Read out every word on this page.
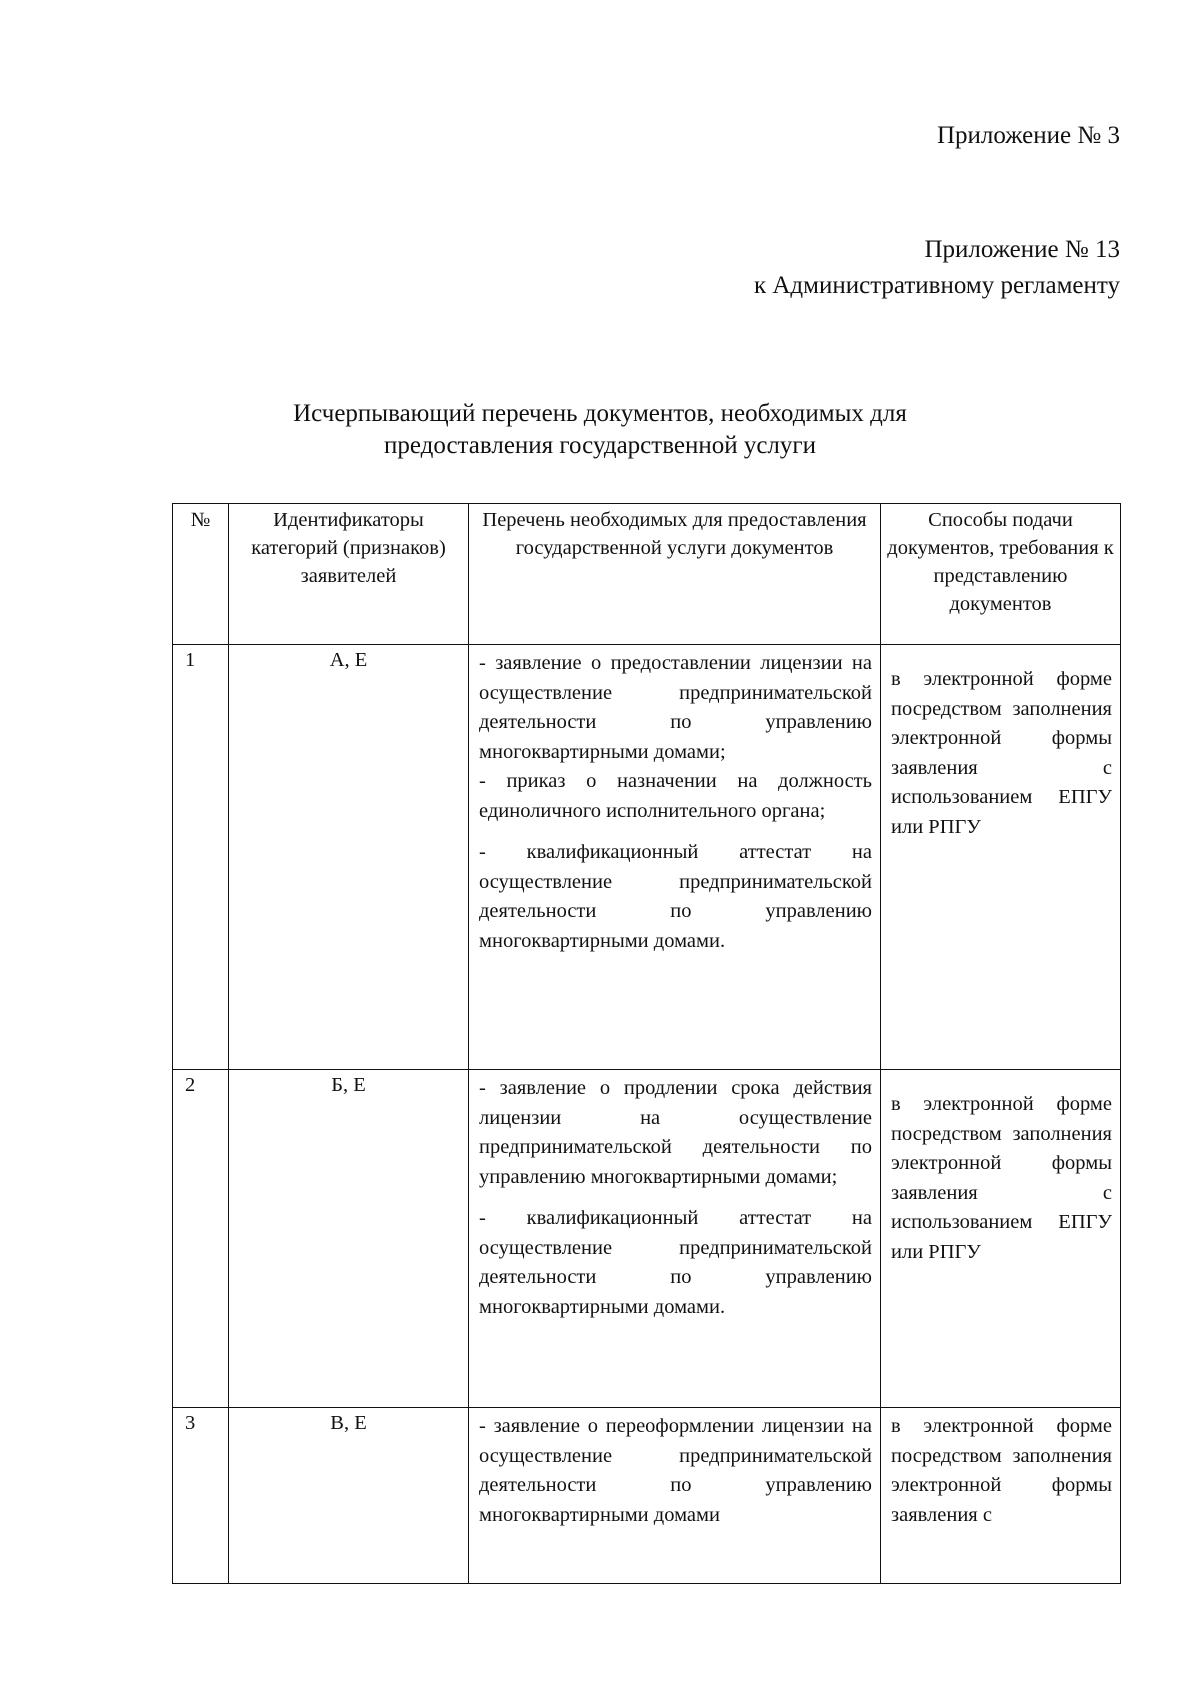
Приложение № 3
Приложение № 13
к Административному регламенту
Исчерпывающий перечень документов, необходимых для
предоставления государственной услуги
№	Идентификаторы категорий (признаков) заявителей	Перечень необходимых для предоставления государственной услуги документов	Способы подачи документов, требования к представлению документов
1	А, Е	- заявление о предоставлении лицензии на осуществление предпринимательской деятельности по управлению многоквартирными домами;
- приказ о назначении на должность единоличного исполнительного органа;

- квалификационный аттестат на осуществление предпринимательской деятельности по управлению многоквартирными домами.	в электронной форме посредством заполнения электронной формы заявления с использованием ЕПГУ или РПГУ

2	Б, Е	- заявление о продлении срока действия лицензии на осуществление предпринимательской деятельности по управлению многоквартирными домами;

- квалификационный аттестат на осуществление предпринимательской деятельности по управлению многоквартирными домами.	в электронной форме посредством заполнения электронной формы заявления с использованием ЕПГУ или РПГУ

3	В, Е	- заявление о переоформлении лицензии на осуществление предпринимательской деятельности по управлению многоквартирными домами	в электронной форме посредством заполнения электронной формы заявления с
